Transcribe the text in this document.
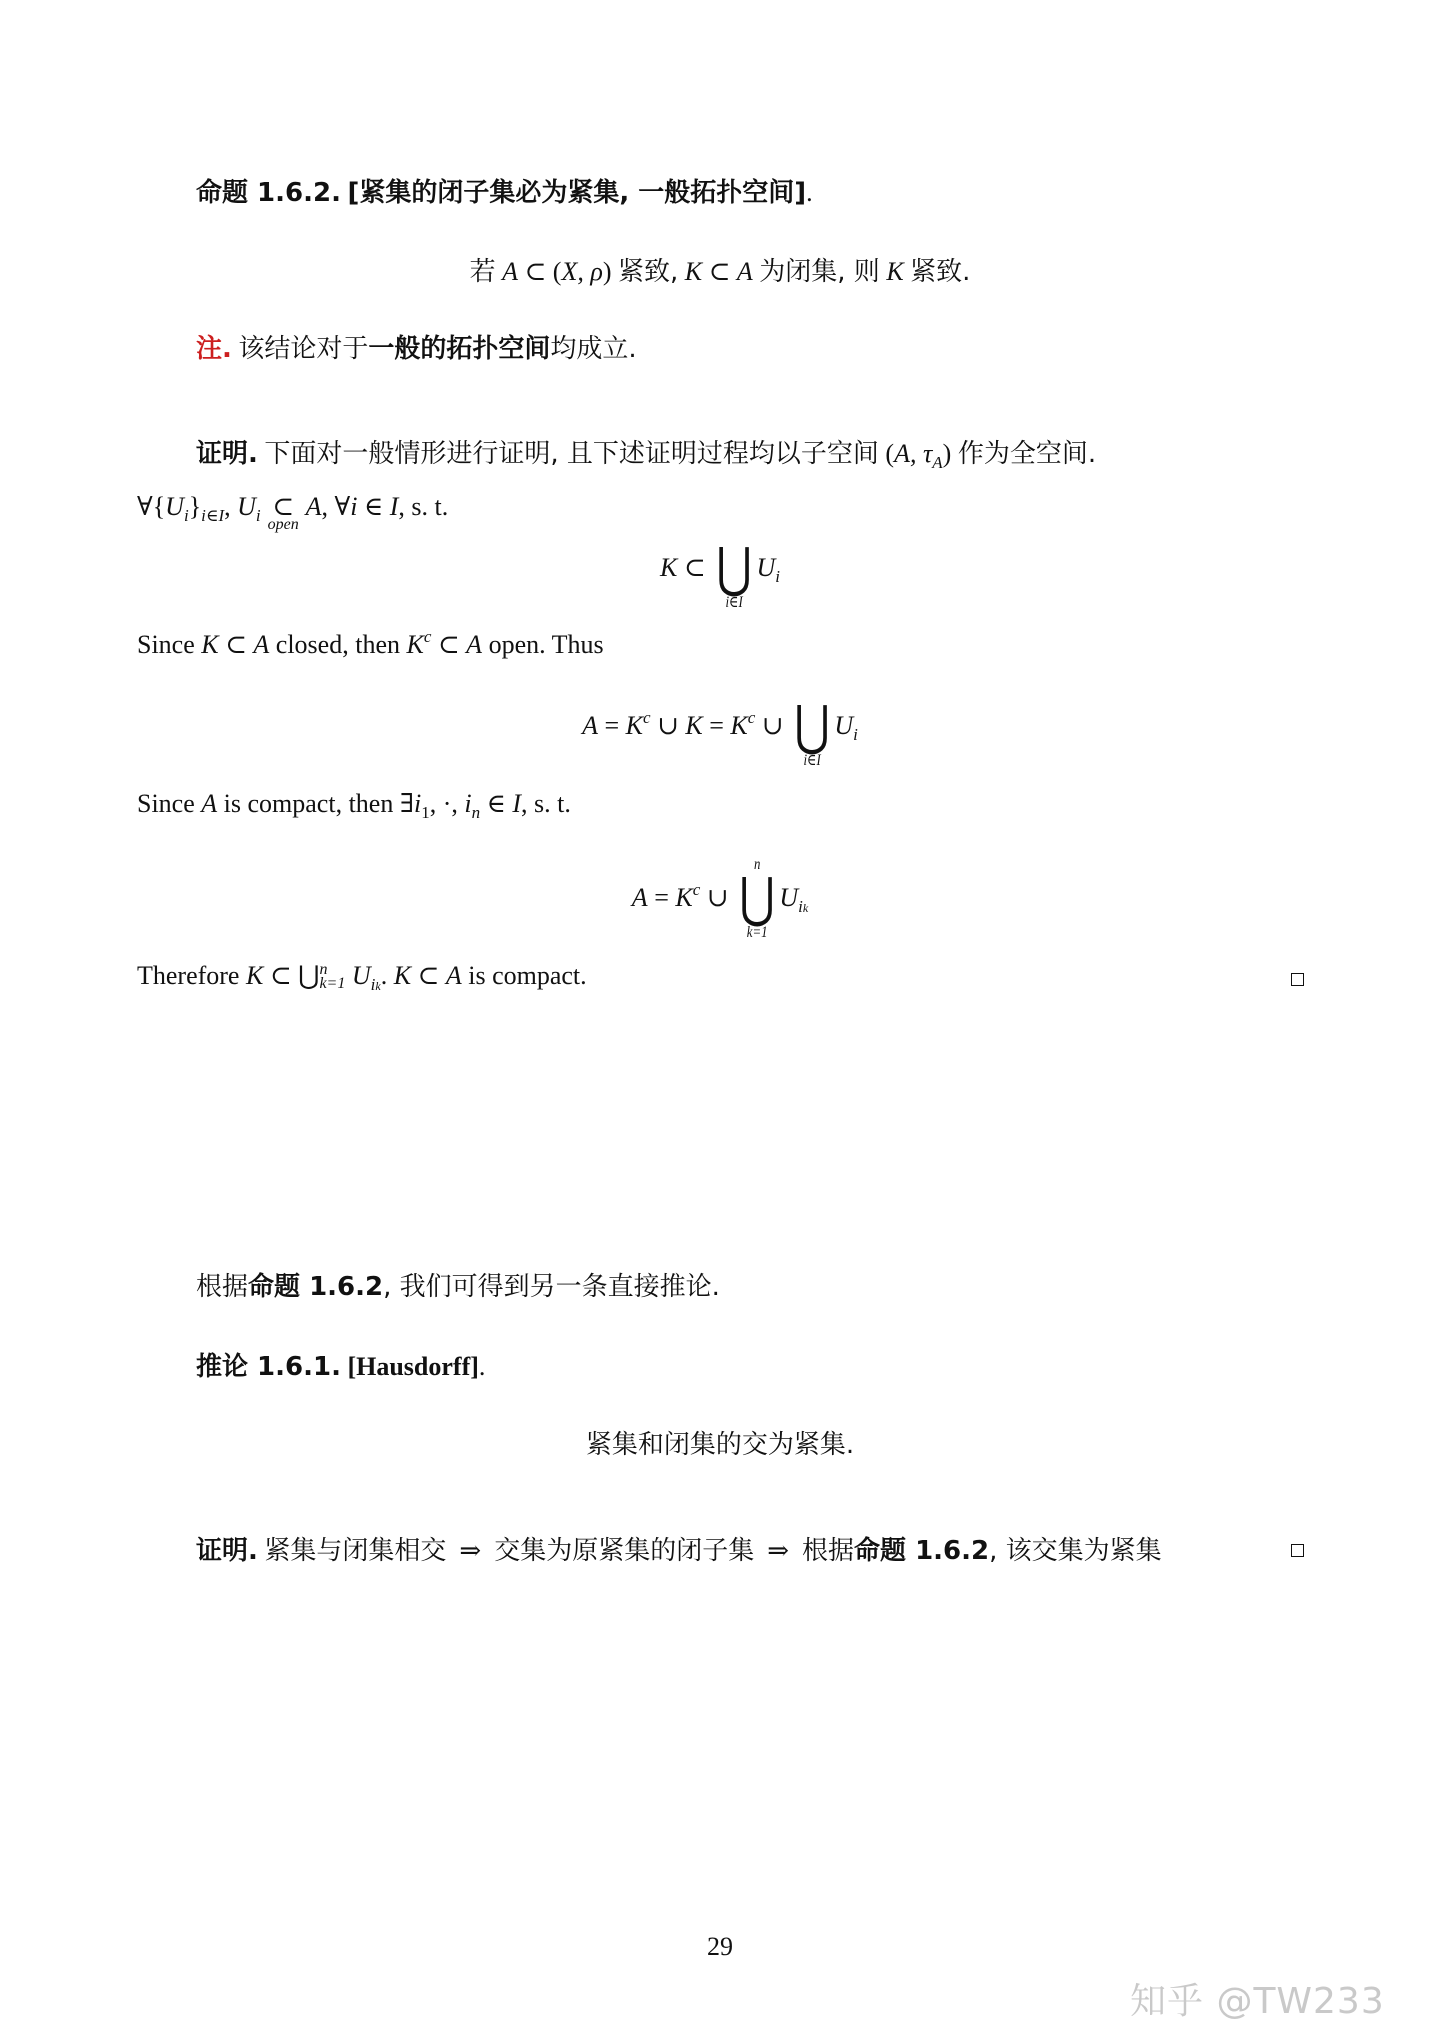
命题 1.6.2. [紧集的闭子集必为紧集, 一般拓扑空间].
若 A ⊂ (X, ρ) 紧致, K ⊂ A 为闭集, 则 K 紧致.
注. 该结论对于一般的拓扑空间均成立.
证明. 下面对一般情形进行证明, 且下述证明过程均以子空间 (A, $\tau_A$) 作为全空间.
$\forall\{U_i\}_{i\in I}$, $U_i$ ⊂
open
A, ∀i ∈ I, s. t.
K ⊂ ⋃
i∈I
$U_i$
Since K ⊂ A closed, then $K^c$ ⊂ A open. Thus
$A = K^c$ ∪ $K = K^c$ ∪ ⋃
i∈I
$U_i$
Since A is compact, then $\exists i_1$, ·, $i_n$ ∈ I, s. t.
$A = K^c$ ∪ ⋃
n
k=1
$U_{ik}$
Therefore K ⊂ ⋃ n
k=1 $U_{ik}$. K ⊂ A is compact.
根据命题 1.6.2, 我们可得到另一条直接推论.
推论 1.6.1. [Hausdorff].
紧集和闭集的交为紧集.
证明. 紧集与闭集相交  ⇒  交集为原紧集的闭子集  ⇒  根据命题 1.6.2, 该交集为紧集
29
知乎 @TW233
